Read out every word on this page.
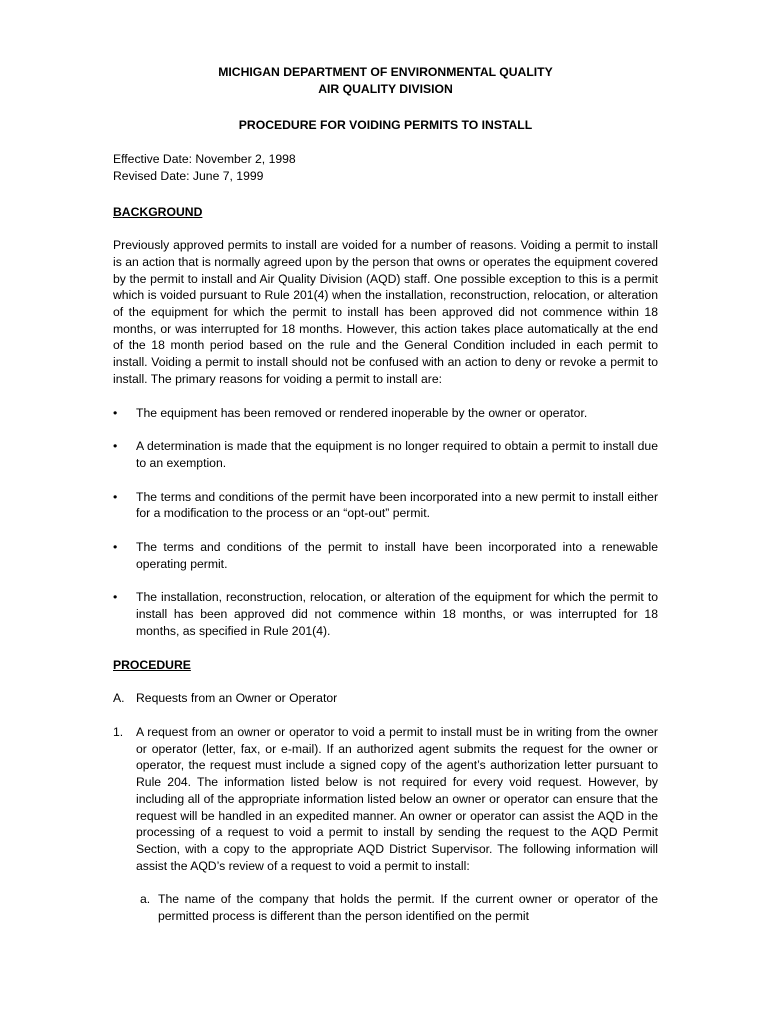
MICHIGAN DEPARTMENT OF ENVIRONMENTAL QUALITY
AIR QUALITY DIVISION
PROCEDURE FOR VOIDING PERMITS TO INSTALL
Effective Date: November 2, 1998
Revised Date: June 7, 1999
BACKGROUND
Previously approved permits to install are voided for a number of reasons. Voiding a permit to install is an action that is normally agreed upon by the person that owns or operates the equipment covered by the permit to install and Air Quality Division (AQD) staff. One possible exception to this is a permit which is voided pursuant to Rule 201(4) when the installation, reconstruction, relocation, or alteration of the equipment for which the permit to install has been approved did not commence within 18 months, or was interrupted for 18 months. However, this action takes place automatically at the end of the 18 month period based on the rule and the General Condition included in each permit to install. Voiding a permit to install should not be confused with an action to deny or revoke a permit to install. The primary reasons for voiding a permit to install are:
• The equipment has been removed or rendered inoperable by the owner or operator.
• A determination is made that the equipment is no longer required to obtain a permit to install due to an exemption.
• The terms and conditions of the permit have been incorporated into a new permit to install either for a modification to the process or an “opt-out” permit.
• The terms and conditions of the permit to install have been incorporated into a renewable operating permit.
• The installation, reconstruction, relocation, or alteration of the equipment for which the permit to install has been approved did not commence within 18 months, or was interrupted for 18 months, as specified in Rule 201(4).
PROCEDURE
A. Requests from an Owner or Operator
1. A request from an owner or operator to void a permit to install must be in writing from the owner or operator (letter, fax, or e-mail). If an authorized agent submits the request for the owner or operator, the request must include a signed copy of the agent’s authorization letter pursuant to Rule 204. The information listed below is not required for every void request. However, by including all of the appropriate information listed below an owner or operator can ensure that the request will be handled in an expedited manner. An owner or operator can assist the AQD in the processing of a request to void a permit to install by sending the request to the AQD Permit Section, with a copy to the appropriate AQD District Supervisor. The following information will assist the AQD’s review of a request to void a permit to install:
a. The name of the company that holds the permit. If the current owner or operator of the permitted process is different than the person identified on the permit
